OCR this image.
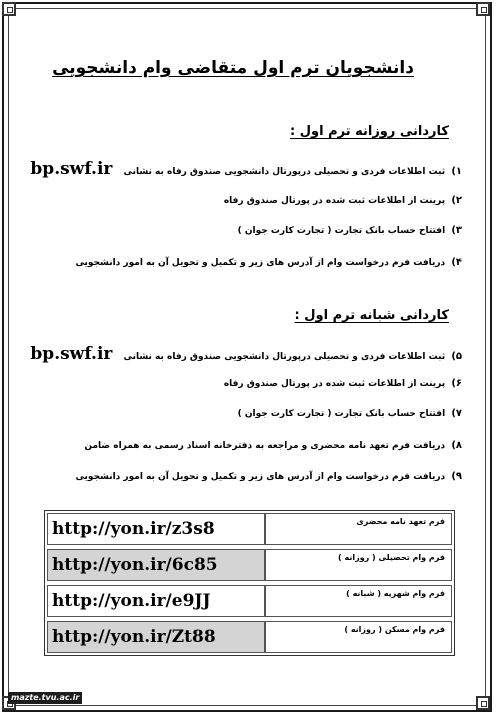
دانشجویان ترم اول متقاضی وام دانشجویی
کاردانی روزانه ترم اول :
۱) ثبت اطلاعات فردی و تحصیلی درپورتال دانشجویی صندوق رفاه به نشانی bp.swf.ir
۲) پرینت از اطلاعات ثبت شده در پورتال صندوق رفاه
۳) افتتاح حساب بانک تجارت ( تجارت کارت جوان )
۴) دریافت فرم درخواست وام از آدرس های زیر و تکمیل و تحویل آن به امور دانشجویی
کاردانی شبانه ترم اول :
۵) ثبت اطلاعات فردی و تحصیلی درپورتال دانشجویی صندوق رفاه به نشانی bp.swf.ir
۶) پرینت از اطلاعات ثبت شده در پورتال صندوق رفاه
۷) افتتاح حساب بانک تجارت ( تجارت کارت جوان )
۸) دریافت فرم تعهد نامه محضری و مراجعه به دفترخانه اسناد رسمی به همراه ضامن
۹) دریافت فرم درخواست وام از آدرس های زیر و تکمیل و تحویل آن به امور دانشجویی
http://yon.ir/z3s8	فرم تعهد نامه محضری
http://yon.ir/6c85	فرم وام تحصیلی ( روزانه )
http://yon.ir/e9JJ	فرم وام شهریه ( شبانه )
http://yon.ir/Zt88	فرم وام مسکن ( روزانه )
mazte.tvu.ac.ir
